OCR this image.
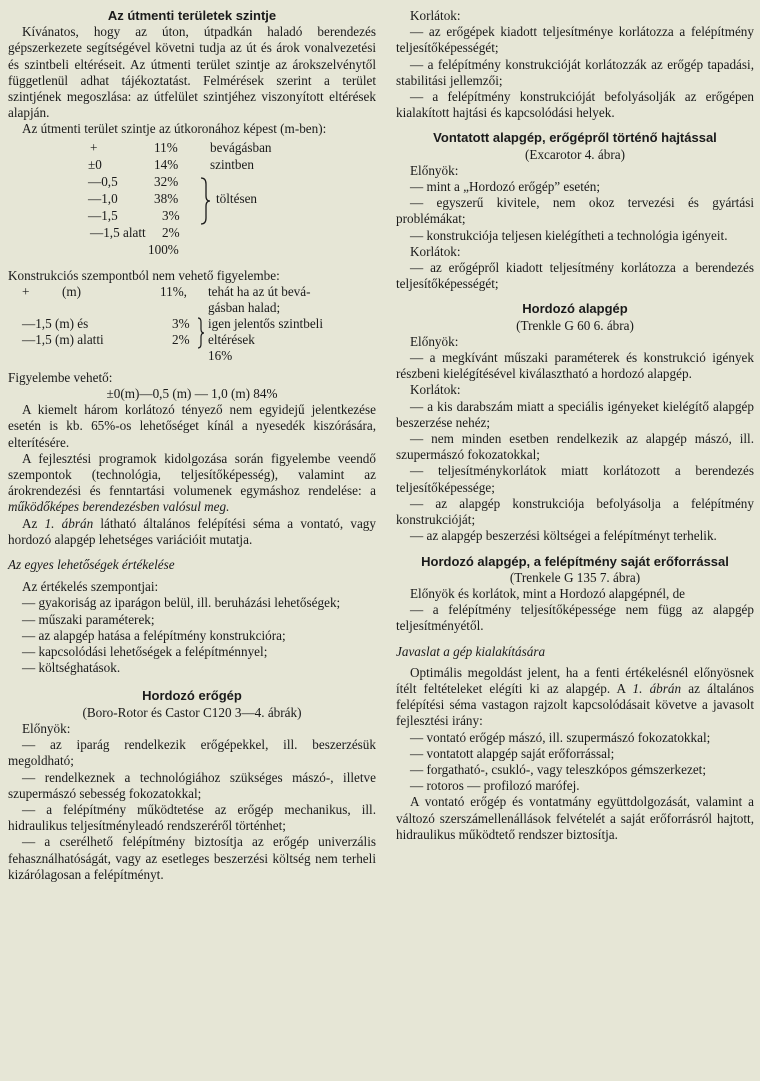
Az útmenti területek szintje

Kívánatos, hogy az úton, útpadkán haladó berendezés gépszerkezete segítségével követni tudja az út és árok vonalvezetési és szintbeli eltéréseit. Az útmenti terület szintje az árokszelvénytől függetlenül adhat tájékoztatást. Felmérések szerint a terület szintjének megoszlása: az útfelület szintjéhez viszonyított eltérések alapján.

Az útmenti terület szintje az útkoronához képest (m-ben):

+	11% bevágásban
±0	14% szintben
—0,5	32%
—1,0	38%	töltésen
—1,5	3%
—1,5 alatt 2%
100%

Konstrukciós szempontból nem vehető figyelembe:

+ (m)	11%, tehát ha az út bevá-
gásban halad;
—1,5 (m) és	3% igen jelentős szintbeli
—1,5 (m) alatti	2% eltérések
16%

Figyelembe vehető:

±0(m)—0,5 (m) — 1,0 (m) 84%

A kiemelt három korlátozó tényező nem egyidejű jelentkezése esetén is kb. 65%-os lehetőséget kínál a nyesedék kiszórására, elterítésére.

A fejlesztési programok kidolgozása során figyelembe veendő szempontok (technológia, teljesítőképesség), valamint az árokrendezési és fenntartási volumenek egymáshoz rendelése: a működőképes berendezésben valósul meg.

Az 1. ábrán látható általános felépítési séma a vontató, vagy hordozó alapgép lehetséges variációit mutatja.

Az egyes lehetőségek értékelése

Az értékelés szempontjai:

— gyakoriság az iparágon belül, ill. beruházási lehetőségek;

— műszaki paraméterek;

— az alapgép hatása a felépítmény konstrukcióra;

— kapcsolódási lehetőségek a felépítménnyel;

— költséghatások.

Hordozó erőgép

(Boro-Rotor és Castor C120 3—4. ábrák)

Előnyök:

— az iparág rendelkezik erőgépekkel, ill. beszerzésük megoldható;

— rendelkeznek a technológiához szükséges mászó-, illetve szupermászó sebesség fokozatokkal;

— a felépítmény működtetése az erőgép mechanikus, ill. hidraulikus teljesítményleadó rendszeréről történhet;

— a cserélhető felépítmény biztosítja az erőgép univerzális fehasználhatóságát, vagy az esetleges beszerzési költség nem terheli kizárólagosan a felépítményt.

Korlátok:

— az erőgépek kiadott teljesítménye korlátozza a felépítmény teljesítőképességét;

— a felépítmény konstrukcióját korlátozzák az erőgép tapadási, stabilitási jellemzői;

— a felépítmény konstrukcióját befolyásolják az erőgépen kialakított hajtási és kapcsolódási helyek.

Vontatott alapgép, erőgépről történő hajtással

(Excarotor 4. ábra)

Előnyök:

— mint a „Hordozó erőgép” esetén;

— egyszerű kivitele, nem okoz tervezési és gyártási problémákat;

— konstrukciója teljesen kielégítheti a technológia igényeit.

Korlátok:

— az erőgépről kiadott teljesítmény korlátozza a berendezés teljesítőképességét;

Hordozó alapgép

(Trenkle G 60 6. ábra)

Előnyök:

— a megkívánt műszaki paraméterek és konstrukció igények részbeni kielégítésével kiválasztható a hordozó alapgép.

Korlátok:

— a kis darabszám miatt a speciális igényeket kielégítő alapgép beszerzése nehéz;

— nem minden esetben rendelkezik az alapgép mászó, ill. szupermászó fokozatokkal;

— teljesítménykorlátok miatt korlátozott a berendezés teljesítőképessége;

— az alapgép konstrukciója befolyásolja a felépítmény konstrukcióját;

— az alapgép beszerzési költségei a felépítményt terhelik.

Hordozó alapgép, a felépítmény saját erőforrással

(Trenkele G 135 7. ábra)

Előnyök és korlátok, mint a Hordozó alapgépnél, de

— a felépítmény teljesítőképessége nem függ az alapgép teljesítményétől.

Javaslat a gép kialakítására

Optimális megoldást jelent, ha a fenti értékelésnél előnyösnek ítélt feltételeket elégíti ki az alapgép. A 1. ábrán az általános felépítési séma vastagon rajzolt kapcsolódásait követve a javasolt fejlesztési irány:

— vontató erőgép mászó, ill. szupermászó fokozatokkal;

— vontatott alapgép saját erőforrással;

— forgatható-, csukló-, vagy teleszkópos gémszerkezet;

— rotoros — profilozó marófej.

A vontató erőgép és vontatmány együttdolgozását, valamint a változó szerszámellenállások felvételét a saját erőforrásról hajtott, hidraulikus működtető rendszer biztosítja.
